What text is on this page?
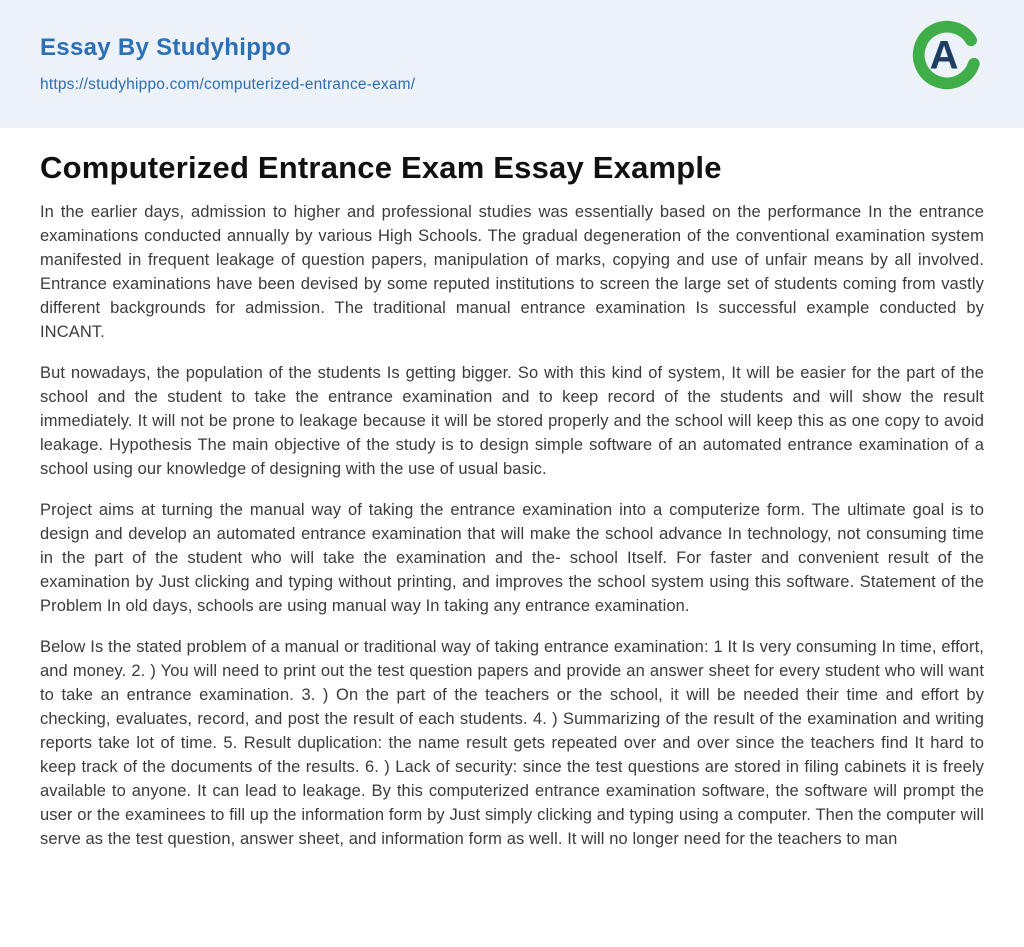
Essay By Studyhippo
https://studyhippo.com/computerized-entrance-exam/
A
Computerized Entrance Exam Essay Example

In the earlier days, admission to higher and professional studies was essentially based on the performance In the entrance examinations conducted annually by various High Schools. The gradual degeneration of the conventional examination system manifested in frequent leakage of question papers, manipulation of marks, copying and use of unfair means by all involved. Entrance examinations have been devised by some reputed institutions to screen the large set of students coming from vastly different backgrounds for admission. The traditional manual entrance examination Is successful example conducted by INCANT.

But nowadays, the population of the students Is getting bigger. So with this kind of system, It will be easier for the part of the school and the student to take the entrance examination and to keep record of the students and will show the result immediately. It will not be prone to leakage because it will be stored properly and the school will keep this as one copy to avoid leakage. Hypothesis The main objective of the study is to design simple software of an automated entrance examination of a school using our knowledge of designing with the use of usual basic.

Project aims at turning the manual way of taking the entrance examination into a computerize form. The ultimate goal is to design and develop an automated entrance examination that will make the school advance In technology, not consuming time in the part of the student who will take the examination and the- school Itself. For faster and convenient result of the examination by Just clicking and typing without printing, and improves the school system using this software. Statement of the Problem In old days, schools are using manual way In taking any entrance examination.

Below Is the stated problem of a manual or traditional way of taking entrance examination: 1 It Is very consuming In time, effort, and money. 2. ) You will need to print out the test question papers and provide an answer sheet for every student who will want to take an entrance examination. 3. ) On the part of the teachers or the school, it will be needed their time and effort by checking, evaluates, record, and post the result of each students. 4. ) Summarizing of the result of the examination and writing reports take lot of time. 5. Result duplication: the name result gets repeated over and over since the teachers find It hard to keep track of the documents of the results. 6. ) Lack of security: since the test questions are stored in filing cabinets it is freely available to anyone. It can lead to leakage. By this computerized entrance examination software, the software will prompt the user or the examinees to fill up the information form by Just simply clicking and typing using a computer. Then the computer will serve as the test question, answer sheet, and information form as well. It will no longer need for the teachers to man
